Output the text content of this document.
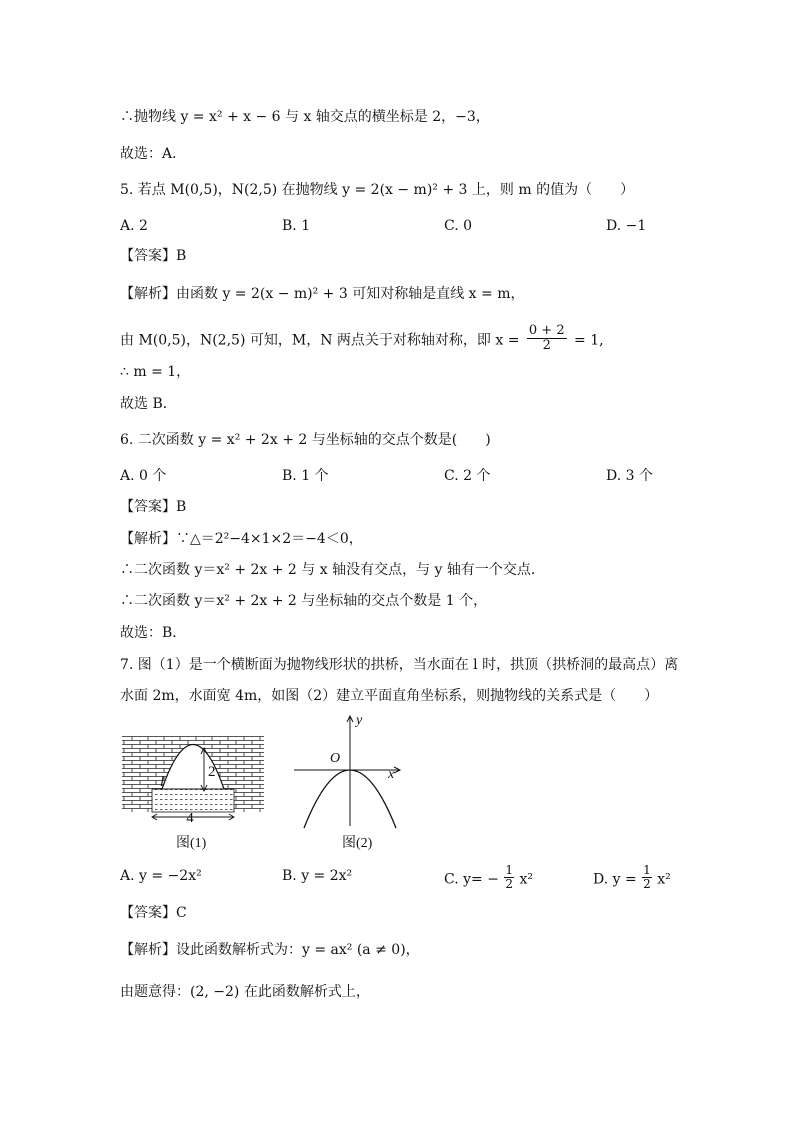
∴抛物线 y = x² + x − 6 与 x 轴交点的横坐标是 2，−3，
故选：A．
5. 若点 M(0,5)，N(2,5) 在抛物线 y = 2(x − m)² + 3 上，则 m 的值为（　　）
A. 2	B. 1	C. 0	D. −1
【答案】B
【解析】由函数 y = 2(x − m)² + 3 可知对称轴是直线 x = m，
由 M(0,5)，N(2,5) 可知，M，N 两点关于对称轴对称，即 $x = \frac{0 + 2}{2} = 1$,
∴ m = 1，
故选 B．
6. 二次函数 y = x² + 2x + 2 与坐标轴的交点个数是(　　)
A. 0 个	B. 1 个	C. 2 个	D. 3 个
【答案】B
【解析】∵△＝2²−4×1×2＝−4＜0，
∴二次函数 y＝x² + 2x + 2 与 x 轴没有交点，与 y 轴有一个交点．
∴二次函数 y＝x² + 2x + 2 与坐标轴的交点个数是 1 个，
故选：B．
7. 图（1）是一个横断面为抛物线形状的拱桥，当水面在 l 时，拱顶（拱桥洞的最高点）离
水面 2m，水面宽 4m，如图（2）建立平面直角坐标系，则抛物线的关系式是（　　）
2
4
l
图(1)
y
x
O
图(2)
A. y = −2x²	B. y = 2x²	C. $y= - \frac{1}{2} x^2$	D. $y = \frac{1}{2} x^2$
【答案】C
【解析】设此函数解析式为：y = ax² (a ≠ 0)，
由题意得：(2, −2) 在此函数解析式上，
